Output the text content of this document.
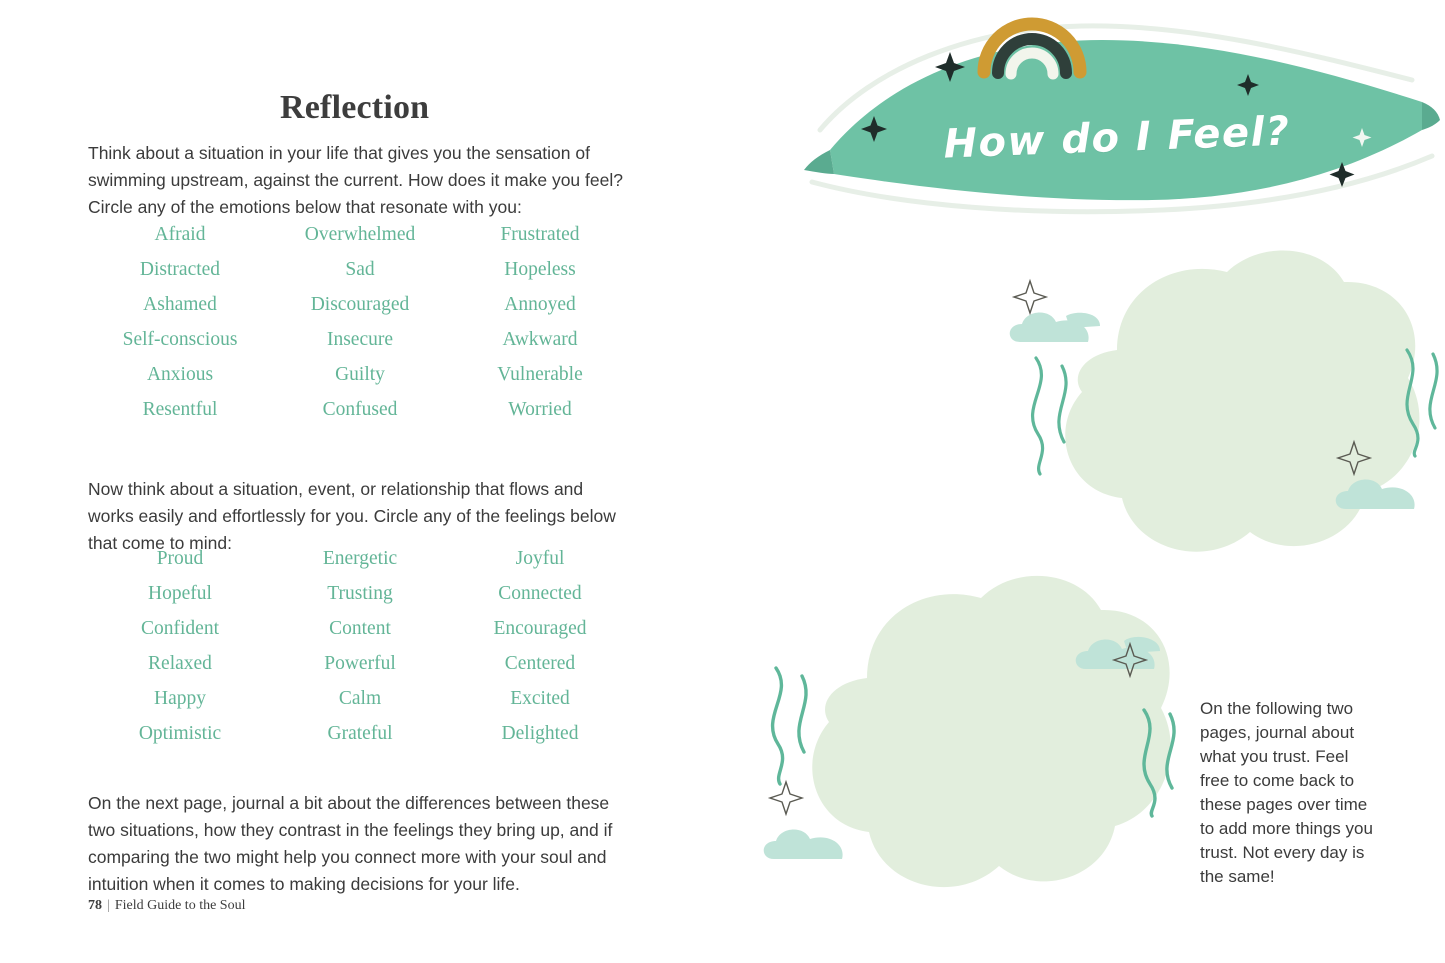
Reflection

Think about a situation in your life that gives you the sensation of swimming upstream, against the current. How does it make you feel? Circle any of the emotions below that resonate with you:

Afraid	Overwhelmed	Frustrated
Distracted	Sad	Hopeless
Ashamed	Discouraged	Annoyed
Self-conscious	Insecure	Awkward
Anxious	Guilty	Vulnerable
Resentful	Confused	Worried

Now think about a situation, event, or relationship that flows and works easily and effortlessly for you. Circle any of the feelings below that come to mind:

Proud	Energetic	Joyful
Hopeful	Trusting	Connected
Confident	Content	Encouraged
Relaxed	Powerful	Centered
Happy	Calm	Excited
Optimistic	Grateful	Delighted

On the next page, journal a bit about the differences between these two situations, how they contrast in the feelings they bring up, and if comparing the two might help you connect more with your soul and intuition when it comes to making decisions for your life.

78 | Field Guide to the Soul
How do I Feel?

On the following two pages, journal about what you trust. Feel free to come back to these pages over time to add more things you trust. Not every day is the same!
